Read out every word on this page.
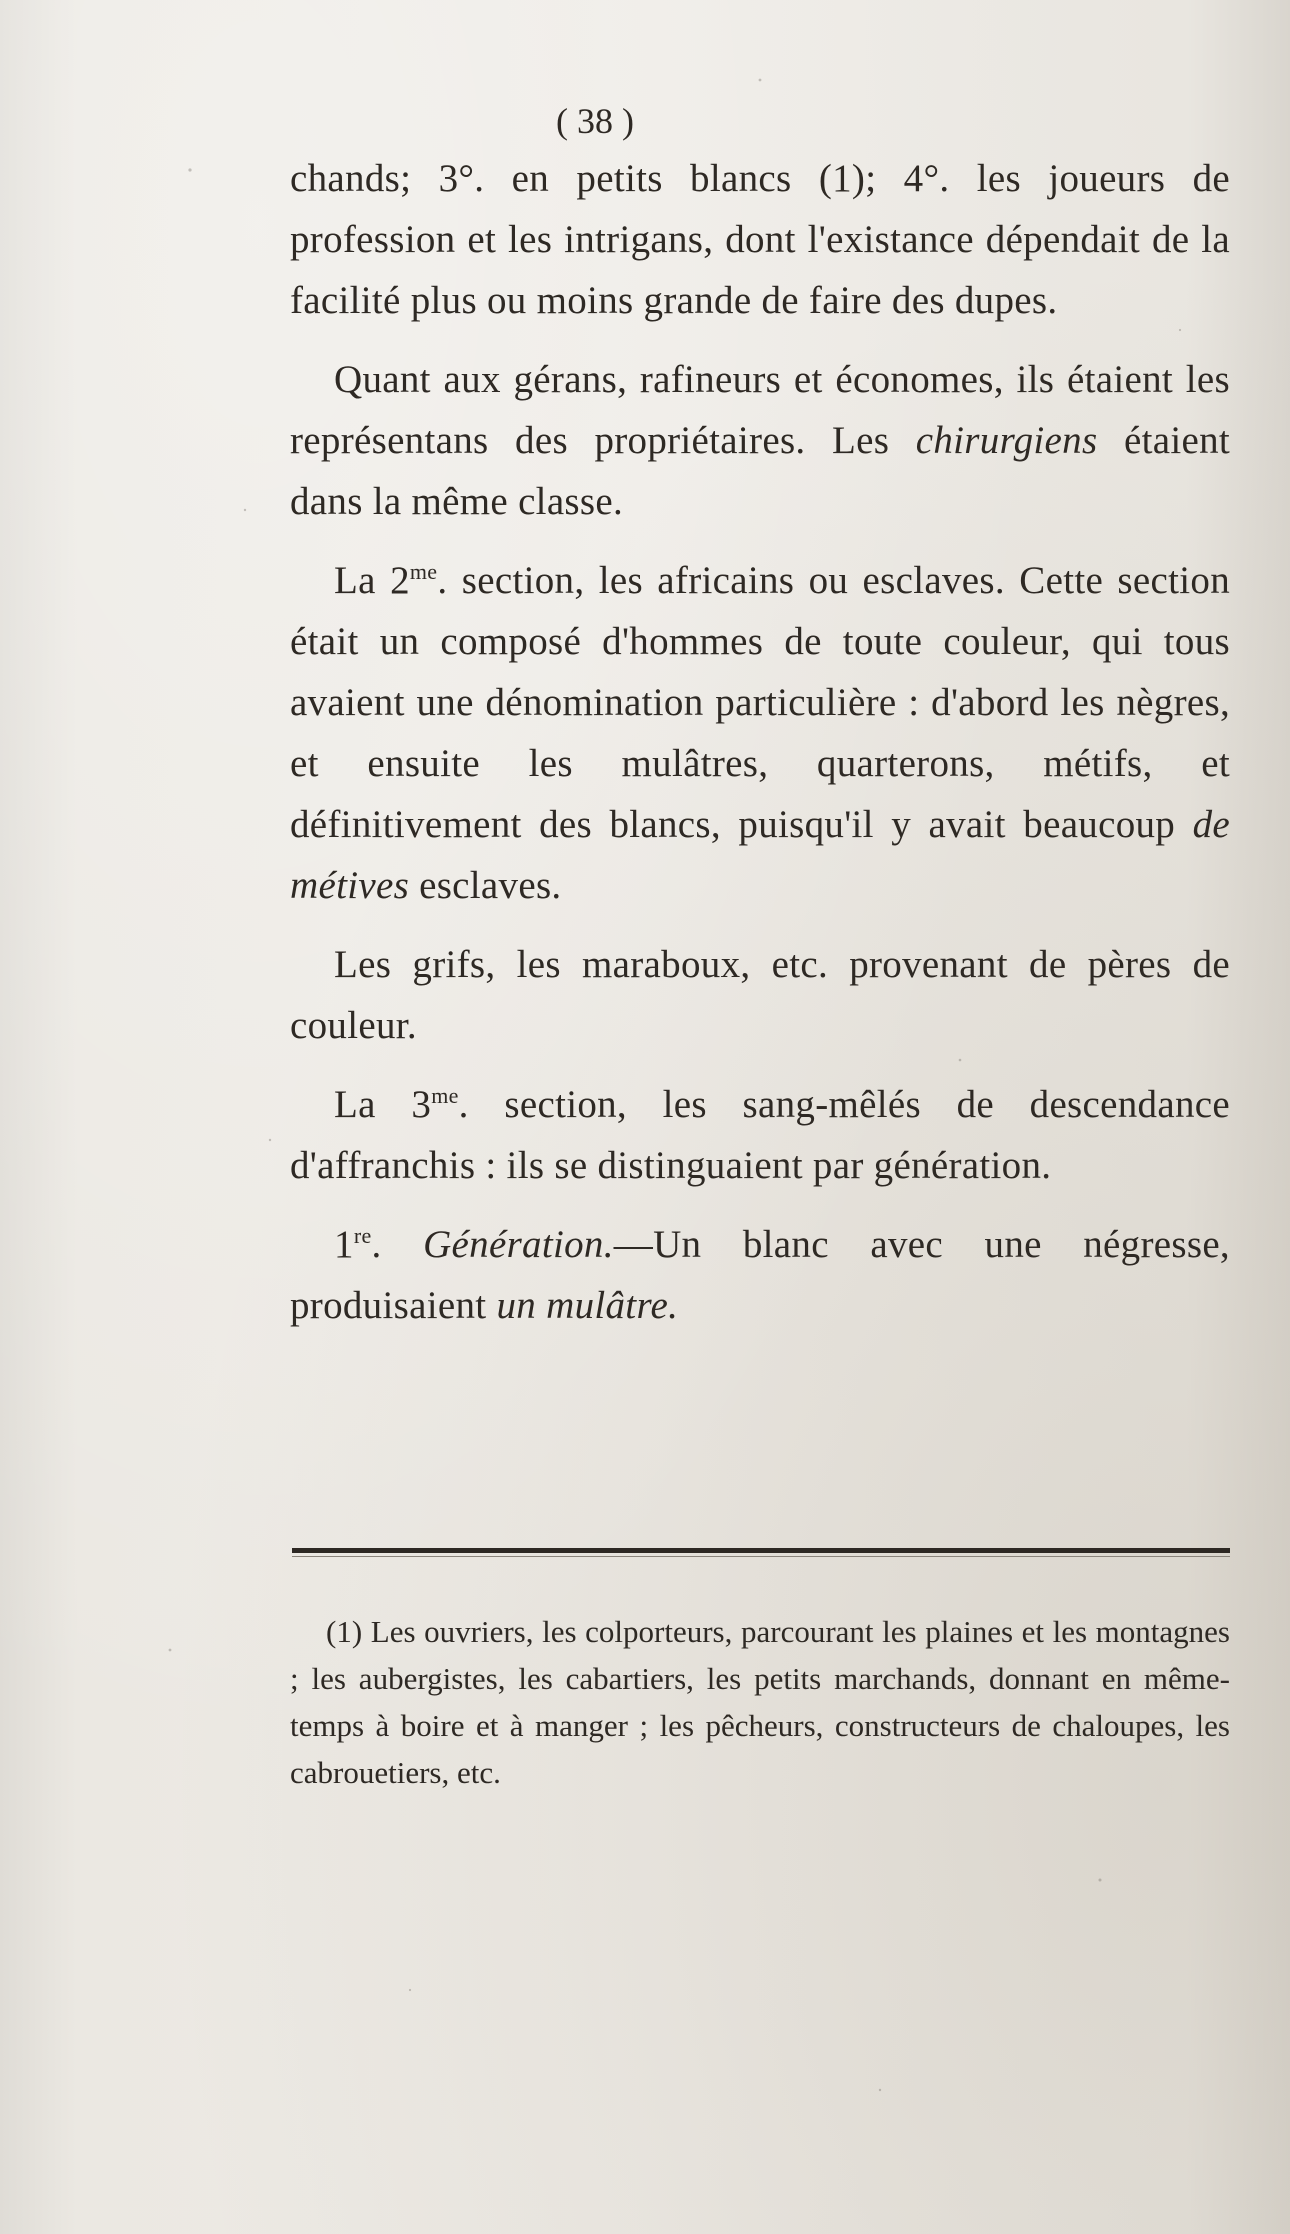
( 38 )

chands; 3°. en petits blancs (1); 4°. les joueurs de profession et les intrigans, dont l'existance dépendait de la facilité plus ou moins grande de faire des dupes.

Quant aux gérans, rafineurs et économes, ils étaient les représentans des propriétaires. Les chirurgiens étaient dans la même classe.

La $2^{me}$. section, les africains ou esclaves. Cette section était un composé d'hommes de toute couleur, qui tous avaient une dénomination particulière : d'abord les nègres, et ensuite les mulâtres, quarterons, métifs, et définitivement des blancs, puisqu'il y avait beaucoup de métives esclaves.

Les grifs, les maraboux, etc. provenant de pères de couleur.

La $3^{me}$. section, les sang-mêlés de descendance d'affranchis : ils se distinguaient par génération.

1re. Génération.—Un blanc avec une négresse, produisaient un mulâtre.

(1) Les ouvriers, les colporteurs, parcourant les plaines et les montagnes ; les aubergistes, les cabartiers, les petits marchands, donnant en même-temps à boire et à manger ; les pêcheurs, constructeurs de chaloupes, les cabrouetiers, etc.
